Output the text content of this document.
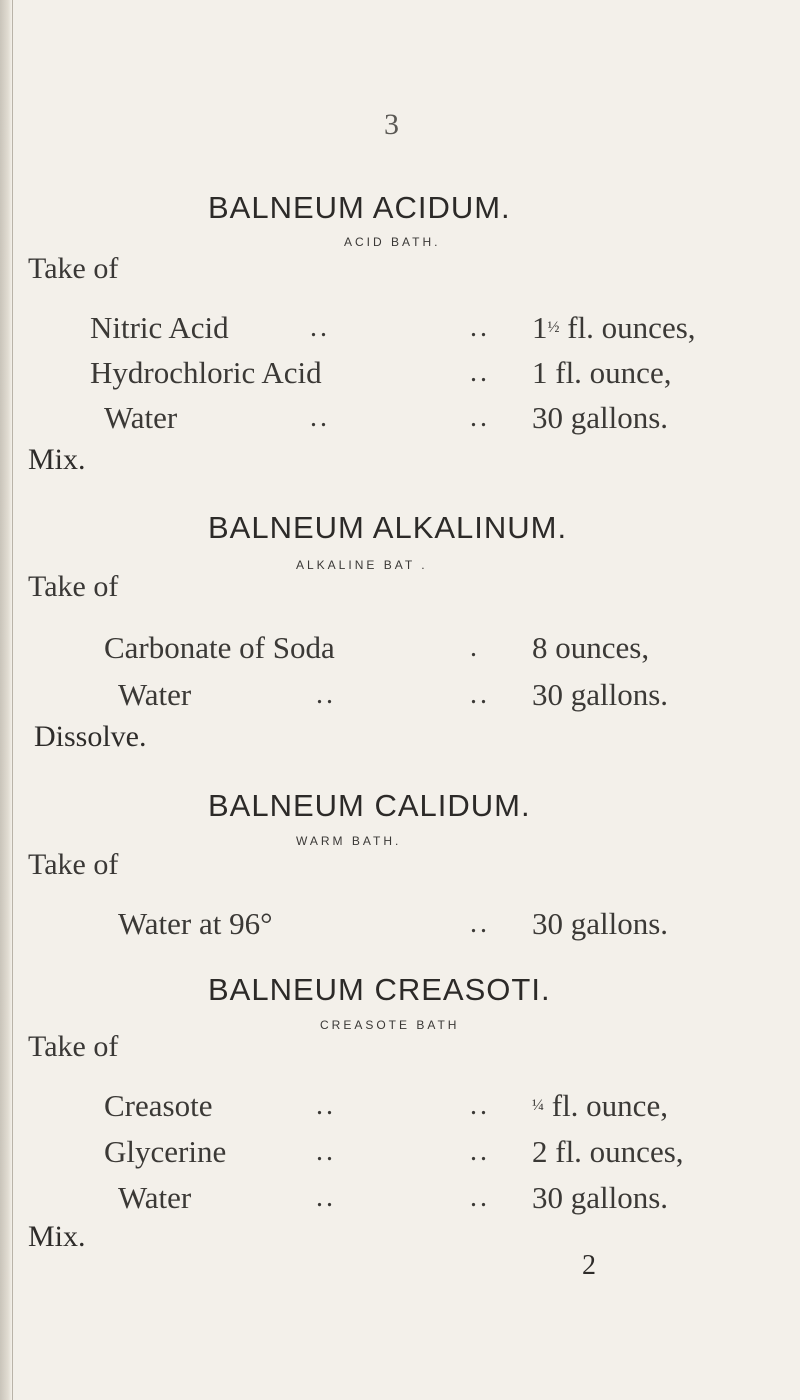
3
BALNEUM ACIDUM.
ACID BATH.
Take of
Nitric Acid	..	.. 1½ fl. ounces,
Hydrochloric Acid	.. 1 fl. ounce,
Water	..	.. 30 gallons.
Mix.
BALNEUM ALKALINUM.
ALKALINE BAT .
Take of
Carbonate of Soda	. 8 ounces,
Water	..	.. 30 gallons.
Dissolve.
BALNEUM CALIDUM.
WARM BATH.
Take of
Water at 96°	.. 30 gallons.
BALNEUM CREASOTI.
CREASOTE BATH
Take of
Creasote	..	..	¼ fl. ounce,
Glycerine	..	.. 2 fl. ounces,
Water	..	.. 30 gallons.
Mix.
2
